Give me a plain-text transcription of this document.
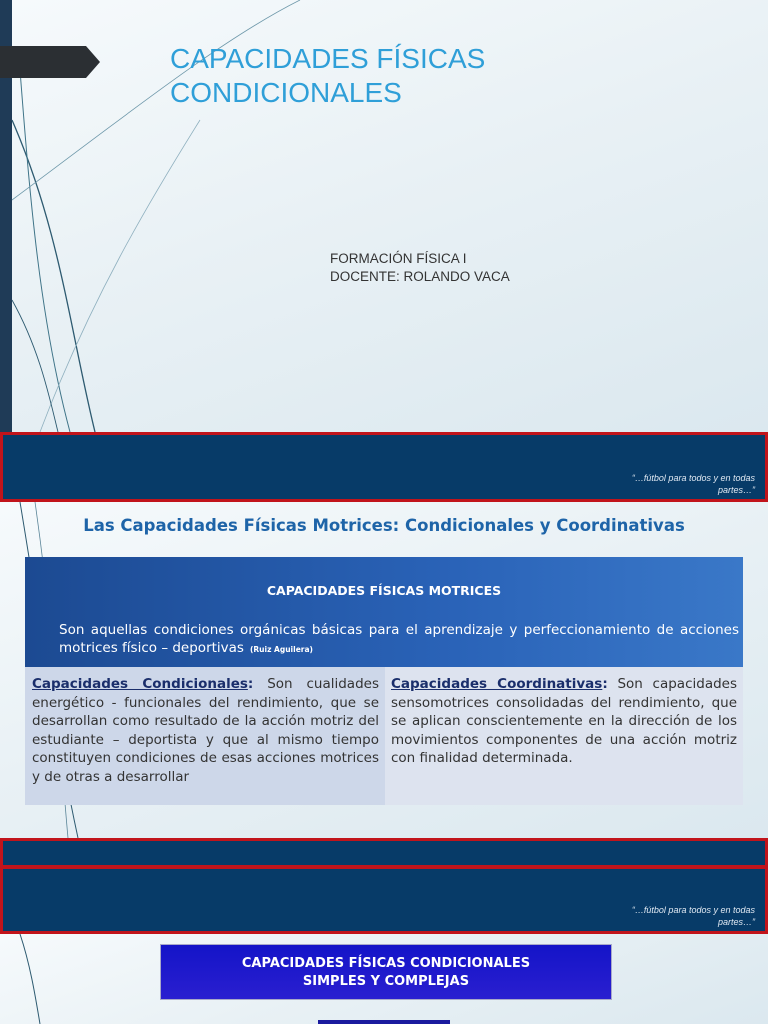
CAPACIDADES FÍSICAS
CONDICIONALES
FORMACIÓN FÍSICA I
DOCENTE: ROLANDO VACA
“…fútbol para todos y en todas
partes…”
Las Capacidades Físicas Motrices: Condicionales y Coordinativas
CAPACIDADES FÍSICAS MOTRICES
Son aquellas condiciones orgánicas básicas para el aprendizaje y perfeccionamiento de acciones motrices físico – deportivas (Ruiz Aguilera)
Capacidades Condicionales: Son cualidades energético - funcionales del rendimiento, que se desarrollan como resultado de la acción motriz del estudiante – deportista y que al mismo tiempo constituyen condiciones de esas acciones motrices y de otras a desarrollar
Capacidades Coordinativas: Son capacidades sensomotrices consolidadas del rendimiento, que se aplican conscientemente en la dirección de los movimientos componentes de una acción motriz con finalidad determinada.
“…fútbol para todos y en todas
partes…”
CAPACIDADES FÍSICAS CONDICIONALES
SIMPLES Y COMPLEJAS
